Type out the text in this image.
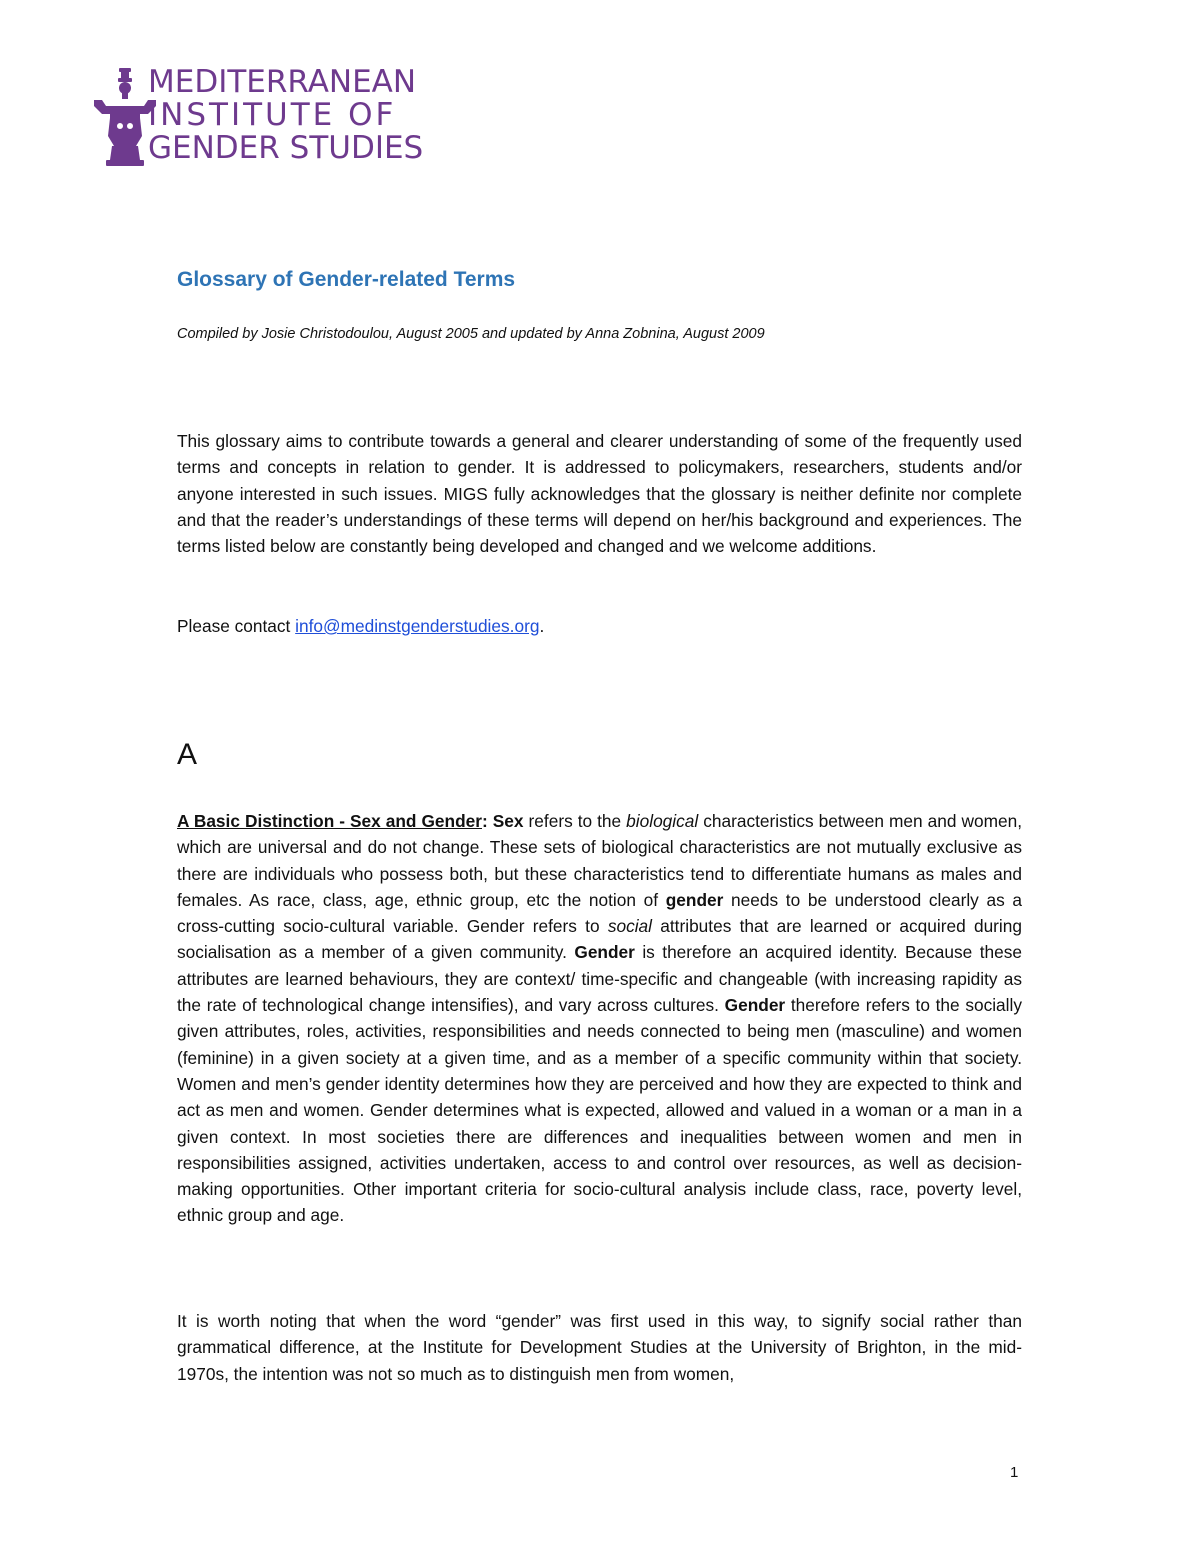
MEDITERRANEAN
INSTITUTE OF
GENDER STUDIES
Glossary of Gender-related Terms

Compiled by Josie Christodoulou, August 2005 and updated by Anna Zobnina, August 2009

This glossary aims to contribute towards a general and clearer understanding of some of the frequently used terms and concepts in relation to gender. It is addressed to policymakers, researchers, students and/or anyone interested in such issues. MIGS fully acknowledges that the glossary is neither definite nor complete and that the reader’s understandings of these terms will depend on her/his background and experiences. The terms listed below are constantly being developed and changed and we welcome additions.

Please contact info@medinstgenderstudies.org.

A

A Basic Distinction - Sex and Gender: Sex refers to the biological characteristics between men and women, which are universal and do not change. These sets of biological characteristics are not mutually exclusive as there are individuals who possess both, but these characteristics tend to differentiate humans as males and females. As race, class, age, ethnic group, etc the notion of gender needs to be understood clearly as a cross-cutting socio-cultural variable. Gender refers to social attributes that are learned or acquired during socialisation as a member of a given community. Gender is therefore an acquired identity. Because these attributes are learned behaviours, they are context/ time-specific and changeable (with increasing rapidity as the rate of technological change intensifies), and vary across cultures. Gender therefore refers to the socially given attributes, roles, activities, responsibilities and needs connected to being men (masculine) and women (feminine) in a given society at a given time, and as a member of a specific community within that society. Women and men’s gender identity determines how they are perceived and how they are expected to think and act as men and women. Gender determines what is expected, allowed and valued in a woman or a man in a given context. In most societies there are differences and inequalities between women and men in responsibilities assigned, activities undertaken, access to and control over resources, as well as decision-making opportunities. Other important criteria for socio-cultural analysis include class, race, poverty level, ethnic group and age.

It is worth noting that when the word “gender” was first used in this way, to signify social rather than grammatical difference, at the Institute for Development Studies at the University of Brighton, in the mid-1970s, the intention was not so much as to distinguish men from women,

1
